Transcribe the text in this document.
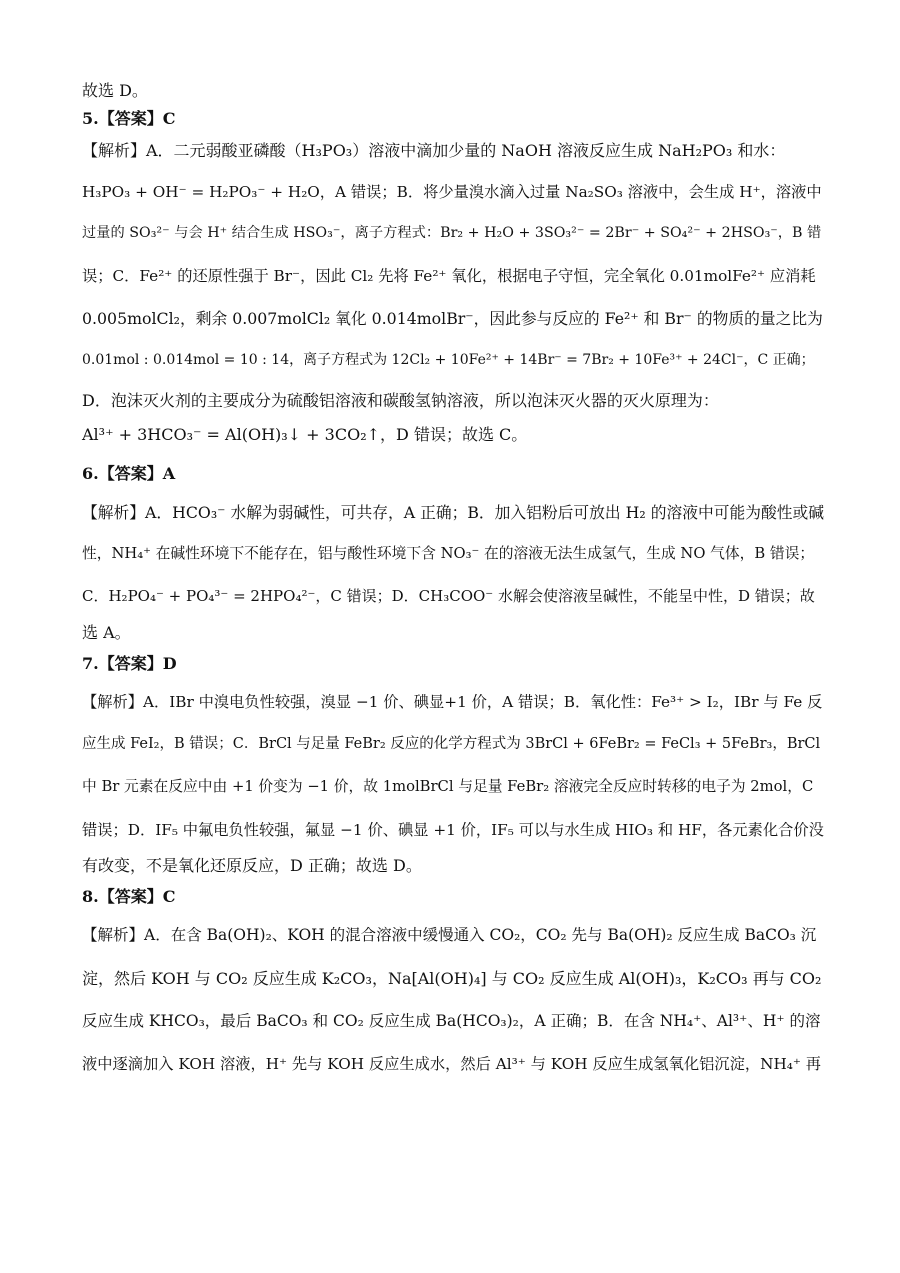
故选 D。
5.【答案】C
【解析】A．二元弱酸亚磷酸（H₃PO₃）溶液中滴加少量的 NaOH 溶液反应生成 NaH₂PO₃ 和水：
H₃PO₃ + OH⁻ = H₂PO₃⁻ + H₂O，A 错误；B．将少量溴水滴入过量 Na₂SO₃ 溶液中，会生成 H⁺，溶液中
过量的 SO₃²⁻ 与会 H⁺ 结合生成 HSO₃⁻，离子方程式：Br₂ + H₂O + 3SO₃²⁻ = 2Br⁻ + SO₄²⁻ + 2HSO₃⁻，B 错
误；C．Fe²⁺ 的还原性强于 Br⁻，因此 Cl₂ 先将 Fe²⁺ 氧化，根据电子守恒，完全氧化 0.01molFe²⁺ 应消耗
0.005molCl₂，剩余 0.007molCl₂ 氧化 0.014molBr⁻，因此参与反应的 Fe²⁺ 和 Br⁻ 的物质的量之比为
0.01mol : 0.014mol = 10 : 14，离子方程式为 12Cl₂ + 10Fe²⁺ + 14Br⁻ = 7Br₂ + 10Fe³⁺ + 24Cl⁻，C 正确；
D．泡沫灭火剂的主要成分为硫酸铝溶液和碳酸氢钠溶液，所以泡沫灭火器的灭火原理为：
Al³⁺ + 3HCO₃⁻ = Al(OH)₃↓ + 3CO₂↑，D 错误；故选 C。
6.【答案】A
【解析】A．HCO₃⁻ 水解为弱碱性，可共存，A 正确；B．加入铝粉后可放出 H₂ 的溶液中可能为酸性或碱
性，NH₄⁺ 在碱性环境下不能存在，铝与酸性环境下含 NO₃⁻ 在的溶液无法生成氢气，生成 NO 气体，B 错误；
C．H₂PO₄⁻ + PO₄³⁻ = 2HPO₄²⁻，C 错误；D．CH₃COO⁻ 水解会使溶液呈碱性，不能呈中性，D 错误；故
选 A。
7.【答案】D
【解析】A．IBr 中溴电负性较强，溴显 −1 价、碘显+1 价，A 错误；B．氧化性：Fe³⁺ > I₂，IBr 与 Fe 反
应生成 FeI₂，B 错误；C．BrCl 与足量 FeBr₂ 反应的化学方程式为 3BrCl + 6FeBr₂ = FeCl₃ + 5FeBr₃，BrCl
中 Br 元素在反应中由 +1 价变为 −1 价，故 1molBrCl 与足量 FeBr₂ 溶液完全反应时转移的电子为 2mol，C
错误；D．IF₅ 中氟电负性较强，氟显 −1 价、碘显 +1 价，IF₅ 可以与水生成 HIO₃ 和 HF，各元素化合价没
有改变，不是氧化还原反应，D 正确；故选 D。
8.【答案】C
【解析】A．在含 Ba(OH)₂、KOH 的混合溶液中缓慢通入 CO₂，CO₂ 先与 Ba(OH)₂ 反应生成 BaCO₃ 沉
淀，然后 KOH 与 CO₂ 反应生成 K₂CO₃，Na[Al(OH)₄] 与 CO₂ 反应生成 Al(OH)₃，K₂CO₃ 再与 CO₂
反应生成 KHCO₃，最后 BaCO₃ 和 CO₂ 反应生成 Ba(HCO₃)₂，A 正确；B．在含 NH₄⁺、Al³⁺、H⁺ 的溶
液中逐滴加入 KOH 溶液，H⁺ 先与 KOH 反应生成水，然后 Al³⁺ 与 KOH 反应生成氢氧化铝沉淀，NH₄⁺ 再
